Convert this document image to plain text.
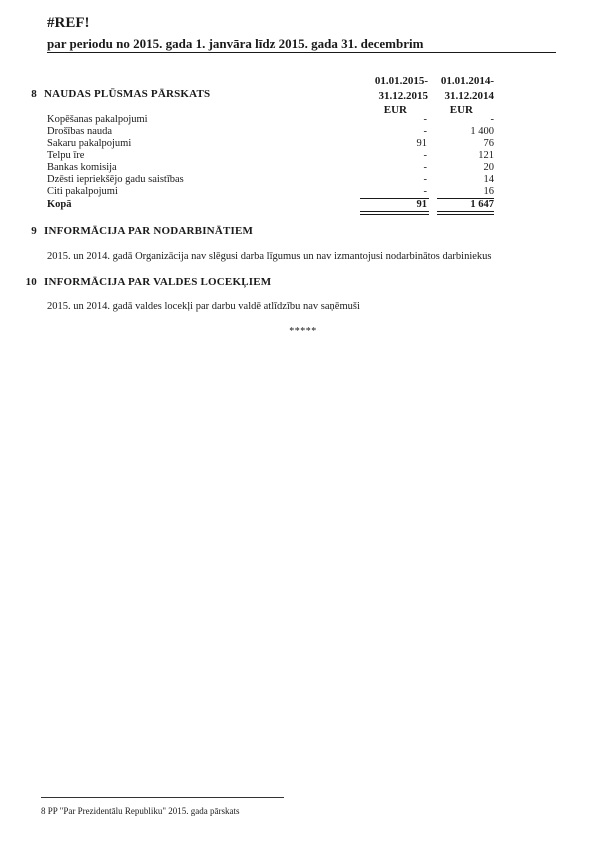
#REF!
par periodu no 2015. gada 1. janvāra līdz 2015. gada 31. decembrim
01.01.2015-
31.12.2015
EUR
01.01.2014-
31.12.2014
EUR
8 NAUDAS PLŪSMAS PĀRSKATS
Kopēšanas pakalpojumi	-	-
Drošības nauda	-	1 400
Sakaru pakalpojumi	91	76
Telpu īre	-	121
Bankas komisija	-	20
Dzēsti iepriekšējo gadu saistības	-	14
Citi pakalpojumi	-	16
Kopā	91	1 647
9 INFORMĀCIJA PAR NODARBINĀTIEM
2015. un 2014. gadā Organizācija nav slēgusi darba līgumus un nav izmantojusi nodarbinātos darbiniekus
10 INFORMĀCIJA PAR VALDES LOCEKĻIEM
2015. un 2014. gadā valdes locekļi par darbu valdē atlīdzību nav saņēmuši
*****
8 PP "Par Prezidentālu Republiku" 2015. gada pārskats
